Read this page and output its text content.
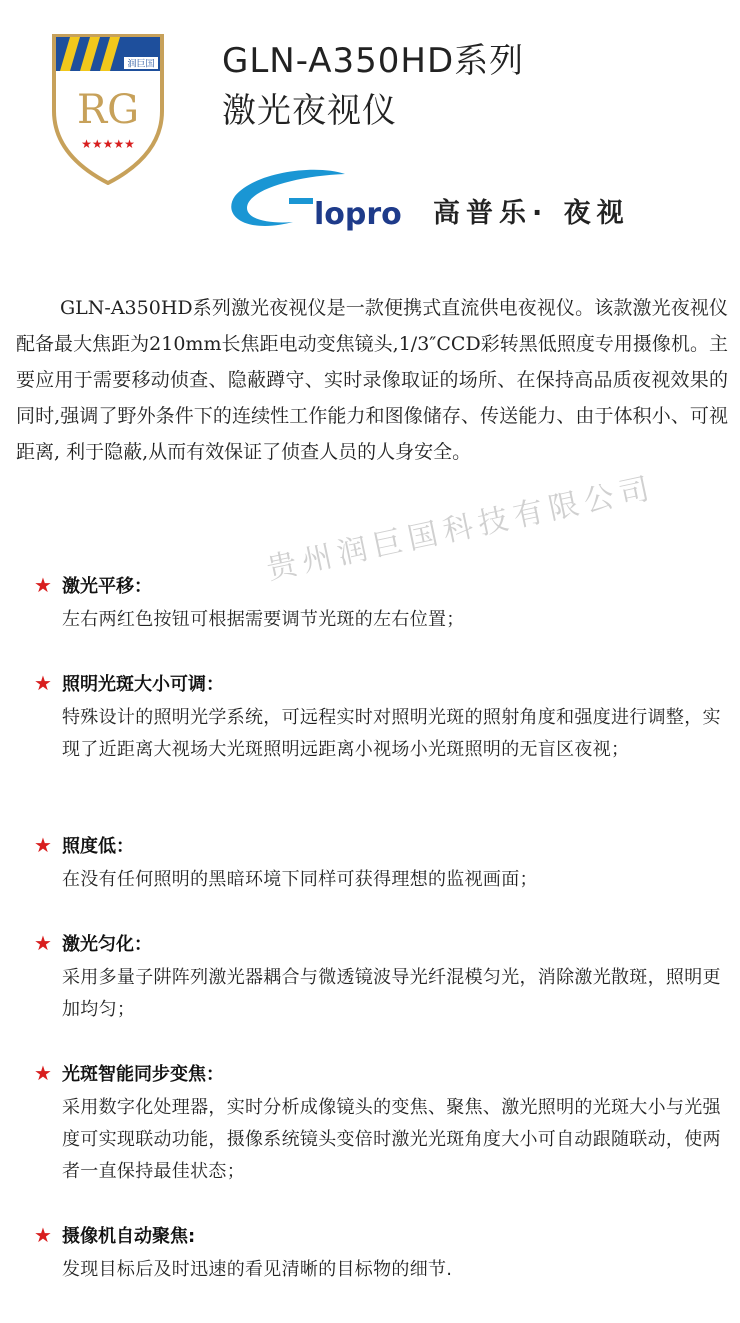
润巨国
RG
★★★★★
GLN-A350HD系列
激光夜视仪
lopro 高普乐· 夜视

GLN-A350HD系列激光夜视仪是一款便携式直流供电夜视仪。该款激光夜视仪配备最大焦距为210mm长焦距电动变焦镜头,1/3″CCD彩转黑低照度专用摄像机。主要应用于需要移动侦查、隐蔽蹲守、实时录像取证的场所、在保持高品质夜视效果的同时,强调了野外条件下的连续性工作能力和图像储存、传送能力、由于体积小、可视距离, 利于隐蔽,从而有效保证了侦查人员的人身安全。

贵州润巨国科技有限公司
★ 激光平移：
左右两红色按钮可根据需要调节光斑的左右位置；
★ 照明光斑大小可调：
特殊设计的照明光学系统，可远程实时对照明光斑的照射角度和强度进行调整，实现了近距离大视场大光斑照明远距离小视场小光斑照明的无盲区夜视；
★ 照度低：
在没有任何照明的黑暗环境下同样可获得理想的监视画面；
★ 激光匀化：
采用多量子阱阵列激光器耦合与微透镜波导光纤混模匀光，消除激光散斑，照明更加均匀；
★ 光斑智能同步变焦：
采用数字化处理器，实时分析成像镜头的变焦、聚焦、激光照明的光斑大小与光强度可实现联动功能，摄像系统镜头变倍时激光光斑角度大小可自动跟随联动，使两者一直保持最佳状态；
★ 摄像机自动聚焦:
发现目标后及时迅速的看见清晰的目标物的细节.
